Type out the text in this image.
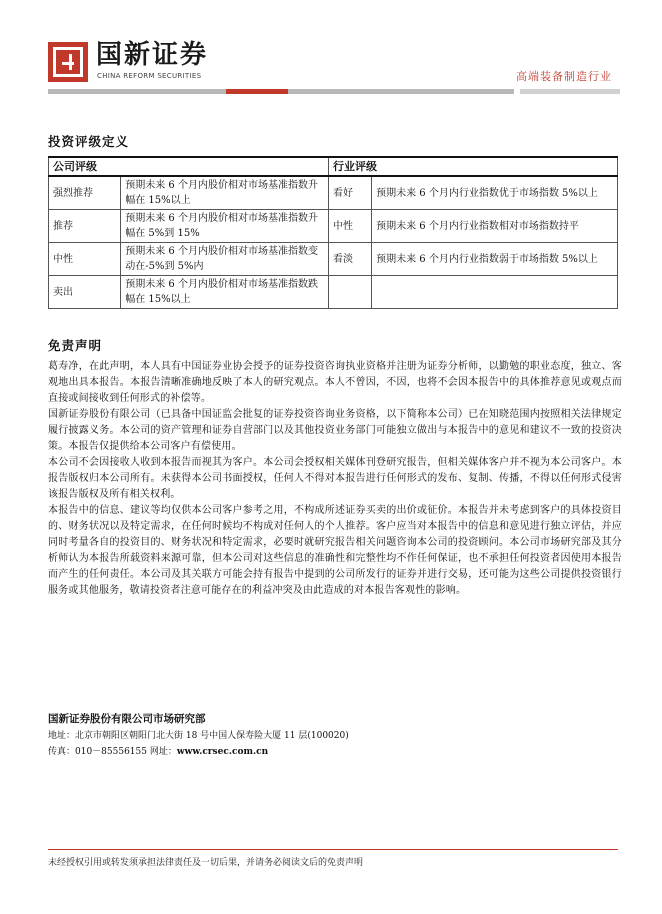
国新证券
CHINA REFORM SECURITIES	高端装备制造行业
投资评级定义
公司评级		行业评级	
强烈推荐	预期未来 6 个月内股价相对市场基准指数升幅在 15%以上	看好	预期未来 6 个月内行业指数优于市场指数 5%以上
推荐	预期未来 6 个月内股价相对市场基准指数升幅在 5%到 15%	中性	预期未来 6 个月内行业指数相对市场指数持平
中性	预期未来 6 个月内股价相对市场基准指数变动在-5%到 5%内	看淡	预期未来 6 个月内行业指数弱于市场指数 5%以上
卖出	预期未来 6 个月内股价相对市场基准指数跌幅在 15%以上		
免责声明

葛寿净，在此声明，本人具有中国证券业协会授予的证券投资咨询执业资格并注册为证券分析师，以勤勉的职业态度，独立、客观地出具本报告。本报告清晰准确地反映了本人的研究观点。本人不曾因，不因，也将不会因本报告中的具体推荐意见或观点而直接或间接收到任何形式的补偿等。

国新证券股份有限公司（已具备中国证监会批复的证券投资咨询业务资格，以下简称本公司）已在知晓范围内按照相关法律规定履行披露义务。本公司的资产管理和证券自营部门以及其他投资业务部门可能独立做出与本报告中的意见和建议不一致的投资决策。本报告仅提供给本公司客户有偿使用。

本公司不会因接收人收到本报告而视其为客户。本公司会授权相关媒体刊登研究报告，但相关媒体客户并不视为本公司客户。本报告版权归本公司所有。未获得本公司书面授权，任何人不得对本报告进行任何形式的发布、复制、传播，不得以任何形式侵害该报告版权及所有相关权利。

本报告中的信息、建议等均仅供本公司客户参考之用，不构成所述证券买卖的出价或征价。本报告并未考虑到客户的具体投资目的、财务状况以及特定需求，在任何时候均不构成对任何人的个人推荐。客户应当对本报告中的信息和意见进行独立评估，并应同时考量各自的投资目的、财务状况和特定需求，必要时就研究报告相关问题咨询本公司的投资顾问。本公司市场研究部及其分析师认为本报告所载资料来源可靠，但本公司对这些信息的准确性和完整性均不作任何保证，也不承担任何投资者因使用本报告而产生的任何责任。本公司及其关联方可能会持有报告中提到的公司所发行的证券并进行交易，还可能为这些公司提供投资银行服务或其他服务，敬请投资者注意可能存在的利益冲突及由此造成的对本报告客观性的影响。

国新证券股份有限公司市场研究部
地址：北京市朝阳区朝阳门北大街 18 号中国人保寿险大厦 11 层(100020)
传真：010－85556155 网址：www.crsec.com.cn
未经授权引用或转发须承担法律责任及一切后果，并请务必阅读文后的免责声明
